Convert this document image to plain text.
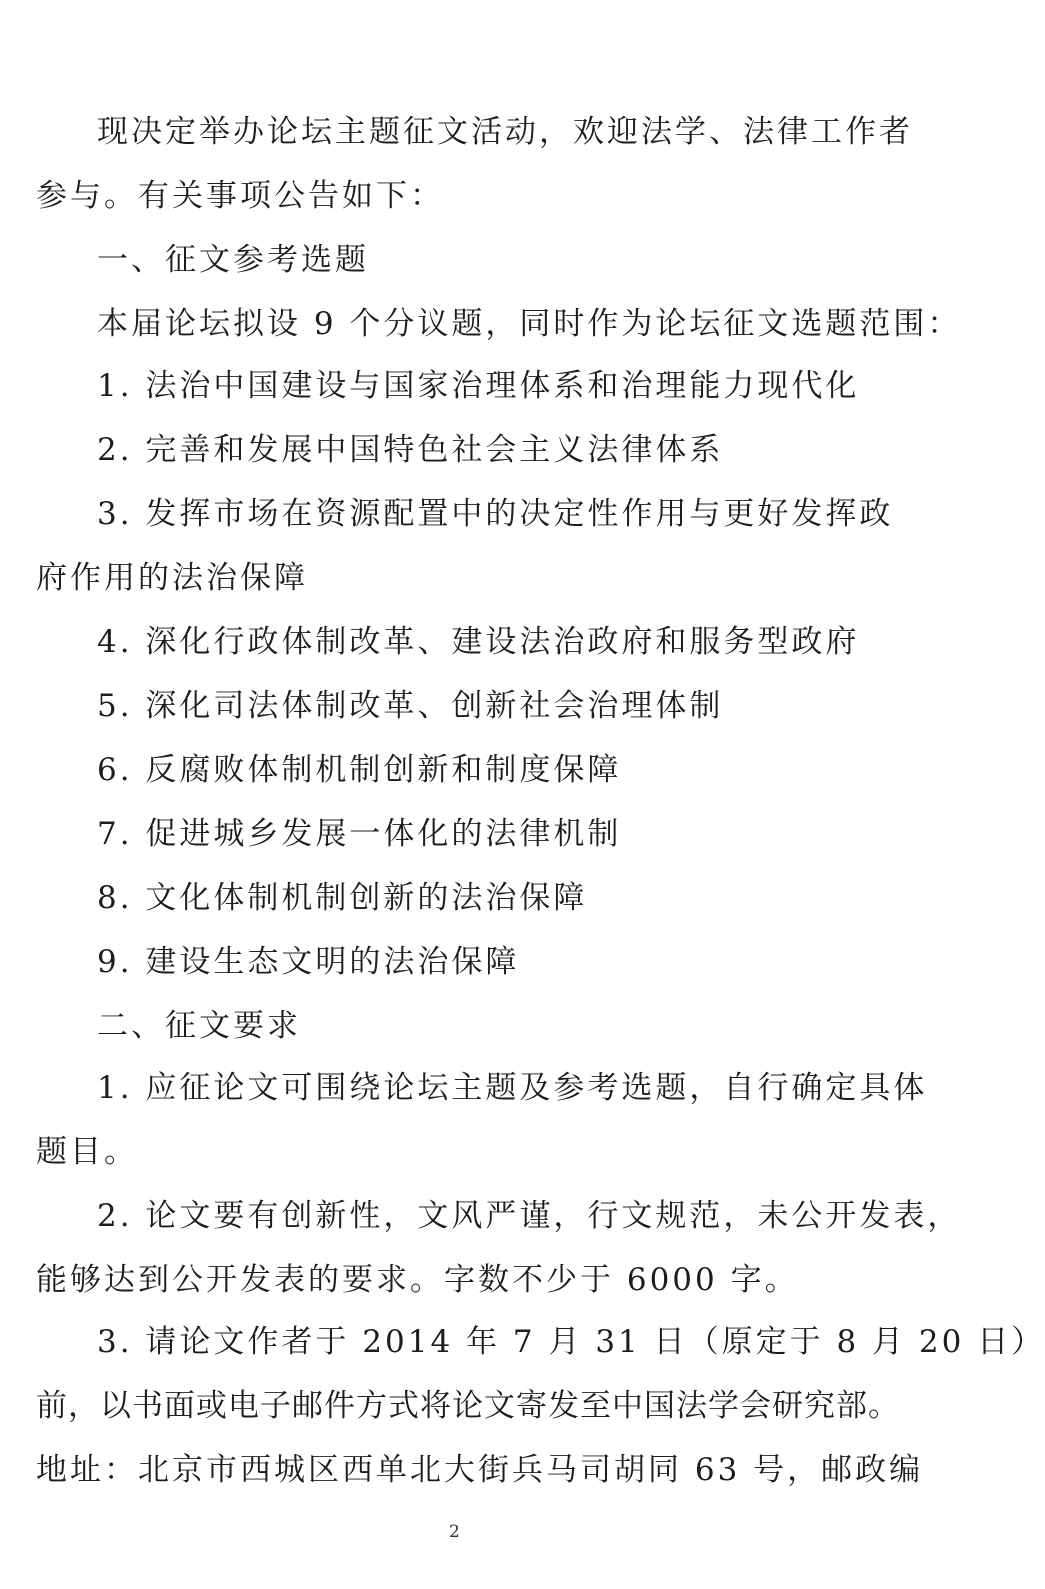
现决定举办论坛主题征文活动，欢迎法学、法律工作者
参与。有关事项公告如下：
一、征文参考选题
本届论坛拟设 9 个分议题，同时作为论坛征文选题范围：
1. 法治中国建设与国家治理体系和治理能力现代化
2. 完善和发展中国特色社会主义法律体系
3. 发挥市场在资源配置中的决定性作用与更好发挥政
府作用的法治保障
4. 深化行政体制改革、建设法治政府和服务型政府
5. 深化司法体制改革、创新社会治理体制
6. 反腐败体制机制创新和制度保障
7. 促进城乡发展一体化的法律机制
8. 文化体制机制创新的法治保障
9. 建设生态文明的法治保障
二、征文要求
1. 应征论文可围绕论坛主题及参考选题，自行确定具体
题目。
2. 论文要有创新性，文风严谨，行文规范，未公开发表，
能够达到公开发表的要求。字数不少于 6000 字。
3. 请论文作者于 2014 年 7 月 31 日（原定于 8 月 20 日）
前，以书面或电子邮件方式将论文寄发至中国法学会研究部。
地址：北京市西城区西单北大街兵马司胡同 63 号，邮政编
2
